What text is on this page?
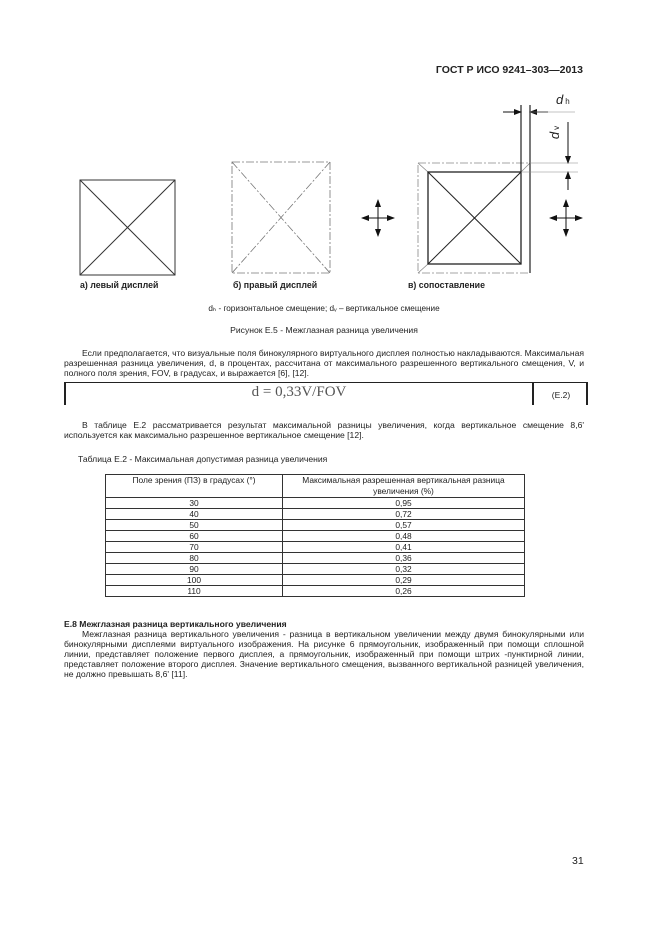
ГОСТ Р ИСО 9241–303—2013
dh
dv
а) левый дисплей	б) правый дисплей	в) сопоставление
dₕ - горизонтальное смещение; dᵥ – вертикальное смещение
Рисунок Е.5 - Межглазная разница увеличения

Если предполагается, что визуальные поля бинокулярного виртуального дисплея полностью накладываются. Максимальная разрешенная разница увеличения, d, в процентах, рассчитана от максимального разрешенного вертикального смещения, V, и полного поля зрения, FOV, в градусах, и выражается [6], [12].

d = 0,33V/FOV	(E.2)

В таблице Е.2 рассматривается результат максимальной разницы увеличения, когда вертикальное смещение 8,6' используется как максимально разрешенное вертикальное смещение [12].

Таблица Е.2 - Максимальная допустимая разница увеличения
Поле зрения (ПЗ) в градусах (°)	Максимальная разрешенная вертикальная разница увеличения (%)
30	0,95
40	0,72
50	0,57
60	0,48
70	0,41
80	0,36
90	0,32
100	0,29
110	0,26
Е.8 Межглазная разница вертикального увеличения

Межглазная разница вертикального увеличения - разница в вертикальном увеличении между двумя бинокулярными или бинокулярными дисплеями виртуального изображения. На рисунке 6 прямоугольник, изображенный при помощи сплошной линии, представляет положение первого дисплея, а прямоугольник, изображенный при помощи штрих -пунктирной линии, представляет положение второго дисплея. Значение вертикального смещения, вызванного вертикальной разницей увеличения, не должно превышать 8,6' [11].

31
